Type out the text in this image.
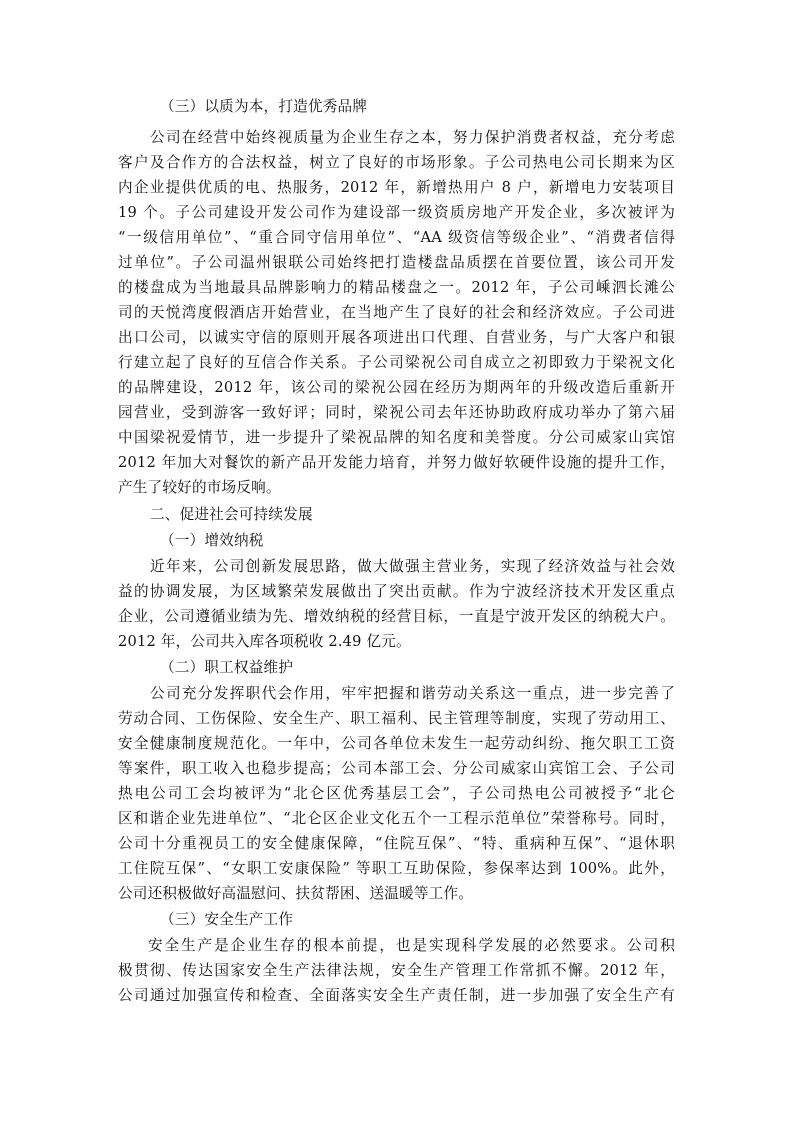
（三）以质为本，打造优秀品牌
公司在经营中始终视质量为企业生存之本，努力保护消费者权益，充分考虑
客户及合作方的合法权益，树立了良好的市场形象。子公司热电公司长期来为区
内企业提供优质的电、热服务，2012 年，新增热用户 8 户，新增电力安装项目
19 个。子公司建设开发公司作为建设部一级资质房地产开发企业，多次被评为
“一级信用单位”、“重合同守信用单位”、“AA 级资信等级企业”、“消费者信得
过单位”。子公司温州银联公司始终把打造楼盘品质摆在首要位置，该公司开发
的楼盘成为当地最具品牌影响力的精品楼盘之一。2012 年，子公司嵊泗长滩公
司的天悦湾度假酒店开始营业，在当地产生了良好的社会和经济效应。子公司进
出口公司，以诚实守信的原则开展各项进出口代理、自营业务，与广大客户和银
行建立起了良好的互信合作关系。子公司梁祝公司自成立之初即致力于梁祝文化
的品牌建设，2012 年，该公司的梁祝公园在经历为期两年的升级改造后重新开
园营业，受到游客一致好评；同时，梁祝公司去年还协助政府成功举办了第六届
中国梁祝爱情节，进一步提升了梁祝品牌的知名度和美誉度。分公司威家山宾馆
2012 年加大对餐饮的新产品开发能力培育，并努力做好软硬件设施的提升工作，
产生了较好的市场反响。
二、促进社会可持续发展
（一）增效纳税
近年来，公司创新发展思路，做大做强主营业务，实现了经济效益与社会效
益的协调发展，为区域繁荣发展做出了突出贡献。作为宁波经济技术开发区重点
企业，公司遵循业绩为先、增效纳税的经营目标，一直是宁波开发区的纳税大户。
2012 年，公司共入库各项税收 2.49 亿元。
（二）职工权益维护
公司充分发挥职代会作用，牢牢把握和谐劳动关系这一重点，进一步完善了
劳动合同、工伤保险、安全生产、职工福利、民主管理等制度，实现了劳动用工、
安全健康制度规范化。一年中，公司各单位未发生一起劳动纠纷、拖欠职工工资
等案件，职工收入也稳步提高；公司本部工会、分公司威家山宾馆工会、子公司
热电公司工会均被评为“北仑区优秀基层工会”，子公司热电公司被授予“北仑
区和谐企业先进单位”、“北仑区企业文化五个一工程示范单位”荣誉称号。同时，
公司十分重视员工的安全健康保障，“住院互保”、“特、重病种互保”、“退休职
工住院互保”、“女职工安康保险” 等职工互助保险，参保率达到 100%。此外，
公司还积极做好高温慰问、扶贫帮困、送温暖等工作。
（三）安全生产工作
安全生产是企业生存的根本前提，也是实现科学发展的必然要求。公司积
极贯彻、传达国家安全生产法律法规，安全生产管理工作常抓不懈。2012 年，
公司通过加强宣传和检查、全面落实安全生产责任制，进一步加强了安全生产有
